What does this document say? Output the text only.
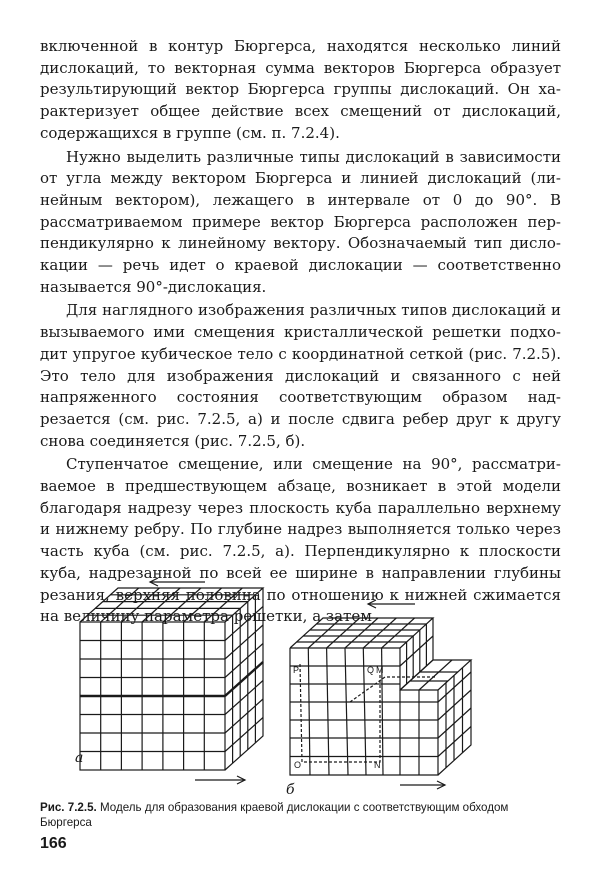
включенной в контур Бюргерса, находятся несколько линий дислокаций, то векторная сумма векторов Бюргерса образует результирующий вектор Бюргерса группы дислокаций. Он характеризует общее действие всех смещений от дислокаций, содержащихся в группе (см. п. 7.2.4).

Нужно выделить различные типы дислокаций в зависимости от угла между вектором Бюргерса и линией дислокаций (линейным вектором), лежащего в интервале от 0 до 90°. В рассматриваемом примере вектор Бюргерса расположен перпендикулярно к линейному вектору. Обозначаемый тип дислокации — речь идет о краевой дислокации — соответственно называется 90°-дислокация.

Для наглядного изображения различных типов дислокаций и вызываемого ими смещения кристаллической решетки подходит упругое кубическое тело с координатной сеткой (рис. 7.2.5). Это тело для изображения дислокаций и связанного с ней напряженного состояния соответствующим образом надрезается (см. рис. 7.2.5, а) и после сдвига ребер друг к другу снова соединяется (рис. 7.2.5, б).

Ступенчатое смещение, или смещение на 90°, рассматриваемое в предшествующем абзаце, возникает в этой модели благодаря надрезу через плоскость куба параллельно верхнему и нижнему ребру. По глубине надрез выполняется только через часть куба (см. рис. 7.2.5, а). Перпендикулярно к плоскости куба, надрезанной по всей ее ширине в направлении глубины резания, верхняя половина по отношению к нижней сжимается на величину параметра решетки, а затем

а
P	Q M
O	N
б
Рис. 7.2.5. Модель для образования краевой дислокации с соответствующим обходом Бюргерса
166
